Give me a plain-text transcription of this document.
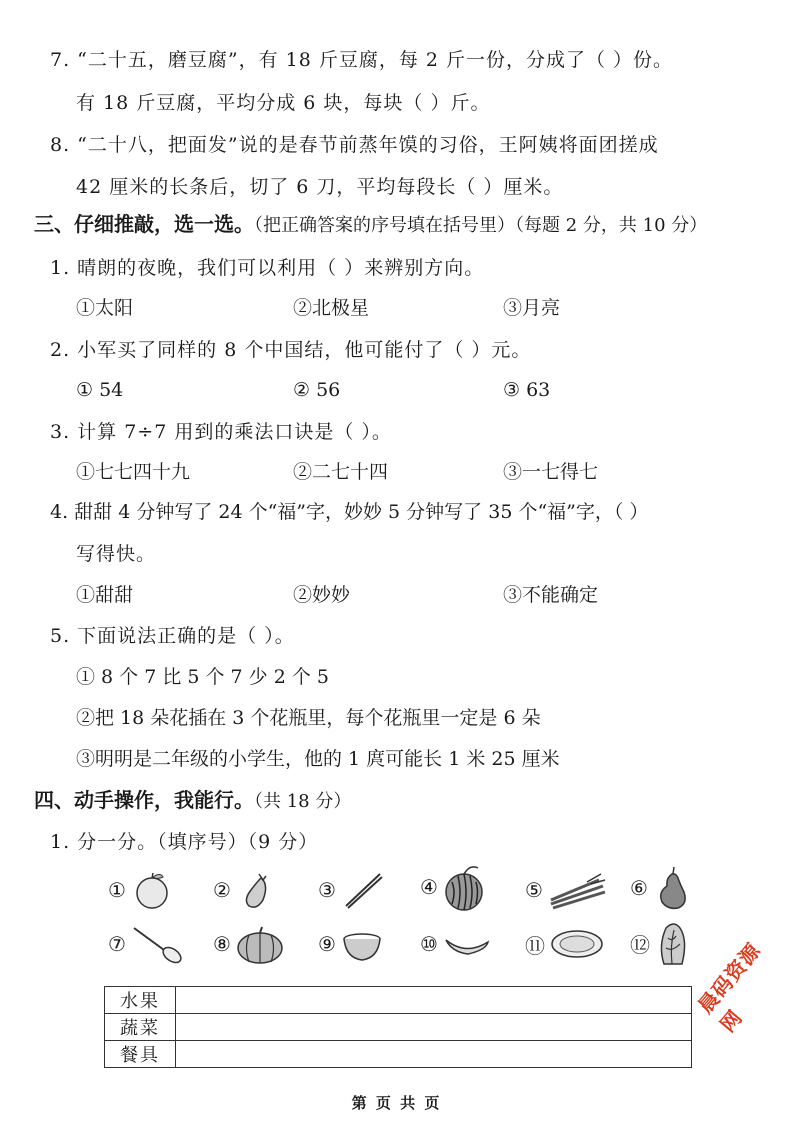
7. “二十五，磨豆腐”，有 18 斤豆腐，每 2 斤一份，分成了（ ）份。
有 18 斤豆腐，平均分成 6 块，每块（ ）斤。
8. “二十八，把面发”说的是春节前蒸年馍的习俗，王阿姨将面团搓成
42 厘米的长条后，切了 6 刀，平均每段长（ ）厘米。
三、仔细推敲，选一选。（把正确答案的序号填在括号里）（每题 2 分，共 10 分）
1. 晴朗的夜晚，我们可以利用（ ）来辨别方向。
①太阳	②北极星	③月亮
2. 小军买了同样的 8 个中国结，他可能付了（ ）元。
① 54	② 56	③ 63
3. 计算 7÷7 用到的乘法口诀是（ ）。
①七七四十九	②二七十四	③一七得七
4. 甜甜 4 分钟写了 24 个“福”字，妙妙 5 分钟写了 35 个“福”字，（ ）
写得快。
①甜甜	②妙妙	③不能确定
5. 下面说法正确的是（ ）。
① 8 个 7 比 5 个 7 少 2 个 5
②把 18 朵花插在 3 个花瓶里，每个花瓶里一定是 6 朵
③明明是二年级的小学生，他的 1 庹可能长 1 米 25 厘米
四、动手操作，我能行。（共 18 分）
1. 分一分。（填序号）（9 分）
①	②	③	④	⑤	⑥
⑦	⑧	⑨	⑩	⑪	⑫
水果	
蔬菜	
餐具	
晨码资源网
第 页 共 页
